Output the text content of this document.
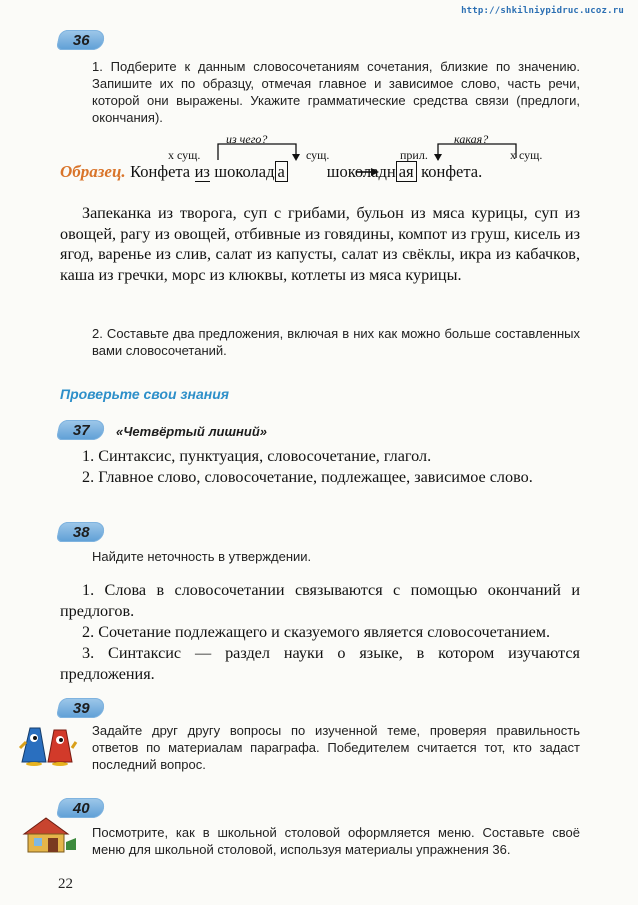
http://shkilniypidruc.ucoz.ru
36
1. Подберите к данным словосочетаниям сочетания, близкие по значению. Запишите их по образцу, отмечая главное и зависимое слово, часть речи, которой они выражены. Укажите грамматические средства связи (предлоги, окончания).
из чего?	какая?
х сущ.	сущ.	прил.	х сущ.
Образец. Конфета из шоколад а	шоколадн ая конфета.
Запеканка из творога, суп с грибами, бульон из мяса курицы, суп из овощей, рагу из овощей, отбивные из говядины, компот из груш, кисель из ягод, варенье из слив, салат из капусты, салат из свёклы, икра из кабачков, каша из гречки, морс из клюквы, котлеты из мяса курицы.
2. Составьте два предложения, включая в них как можно больше составленных вами словосочетаний.
Проверьте свои знания
37 «Четвёртый лишний»
1. Синтаксис, пунктуация, словосочетание, глагол.
2. Главное слово, словосочетание, подлежащее, зависимое слово.
38
Найдите неточность в утверждении.
1. Слова в словосочетании связываются с помощью окончаний и предлогов.
2. Сочетание подлежащего и сказуемого является словосочетанием.
3. Синтаксис — раздел науки о языке, в котором изучаются предложения.
39
Задайте друг другу вопросы по изученной теме, проверяя правильность ответов по материалам параграфа. Победителем считается тот, кто задаст последний вопрос.
40
Посмотрите, как в школьной столовой оформляется меню. Составьте своё меню для школьной столовой, используя материалы упражнения 36.
22
